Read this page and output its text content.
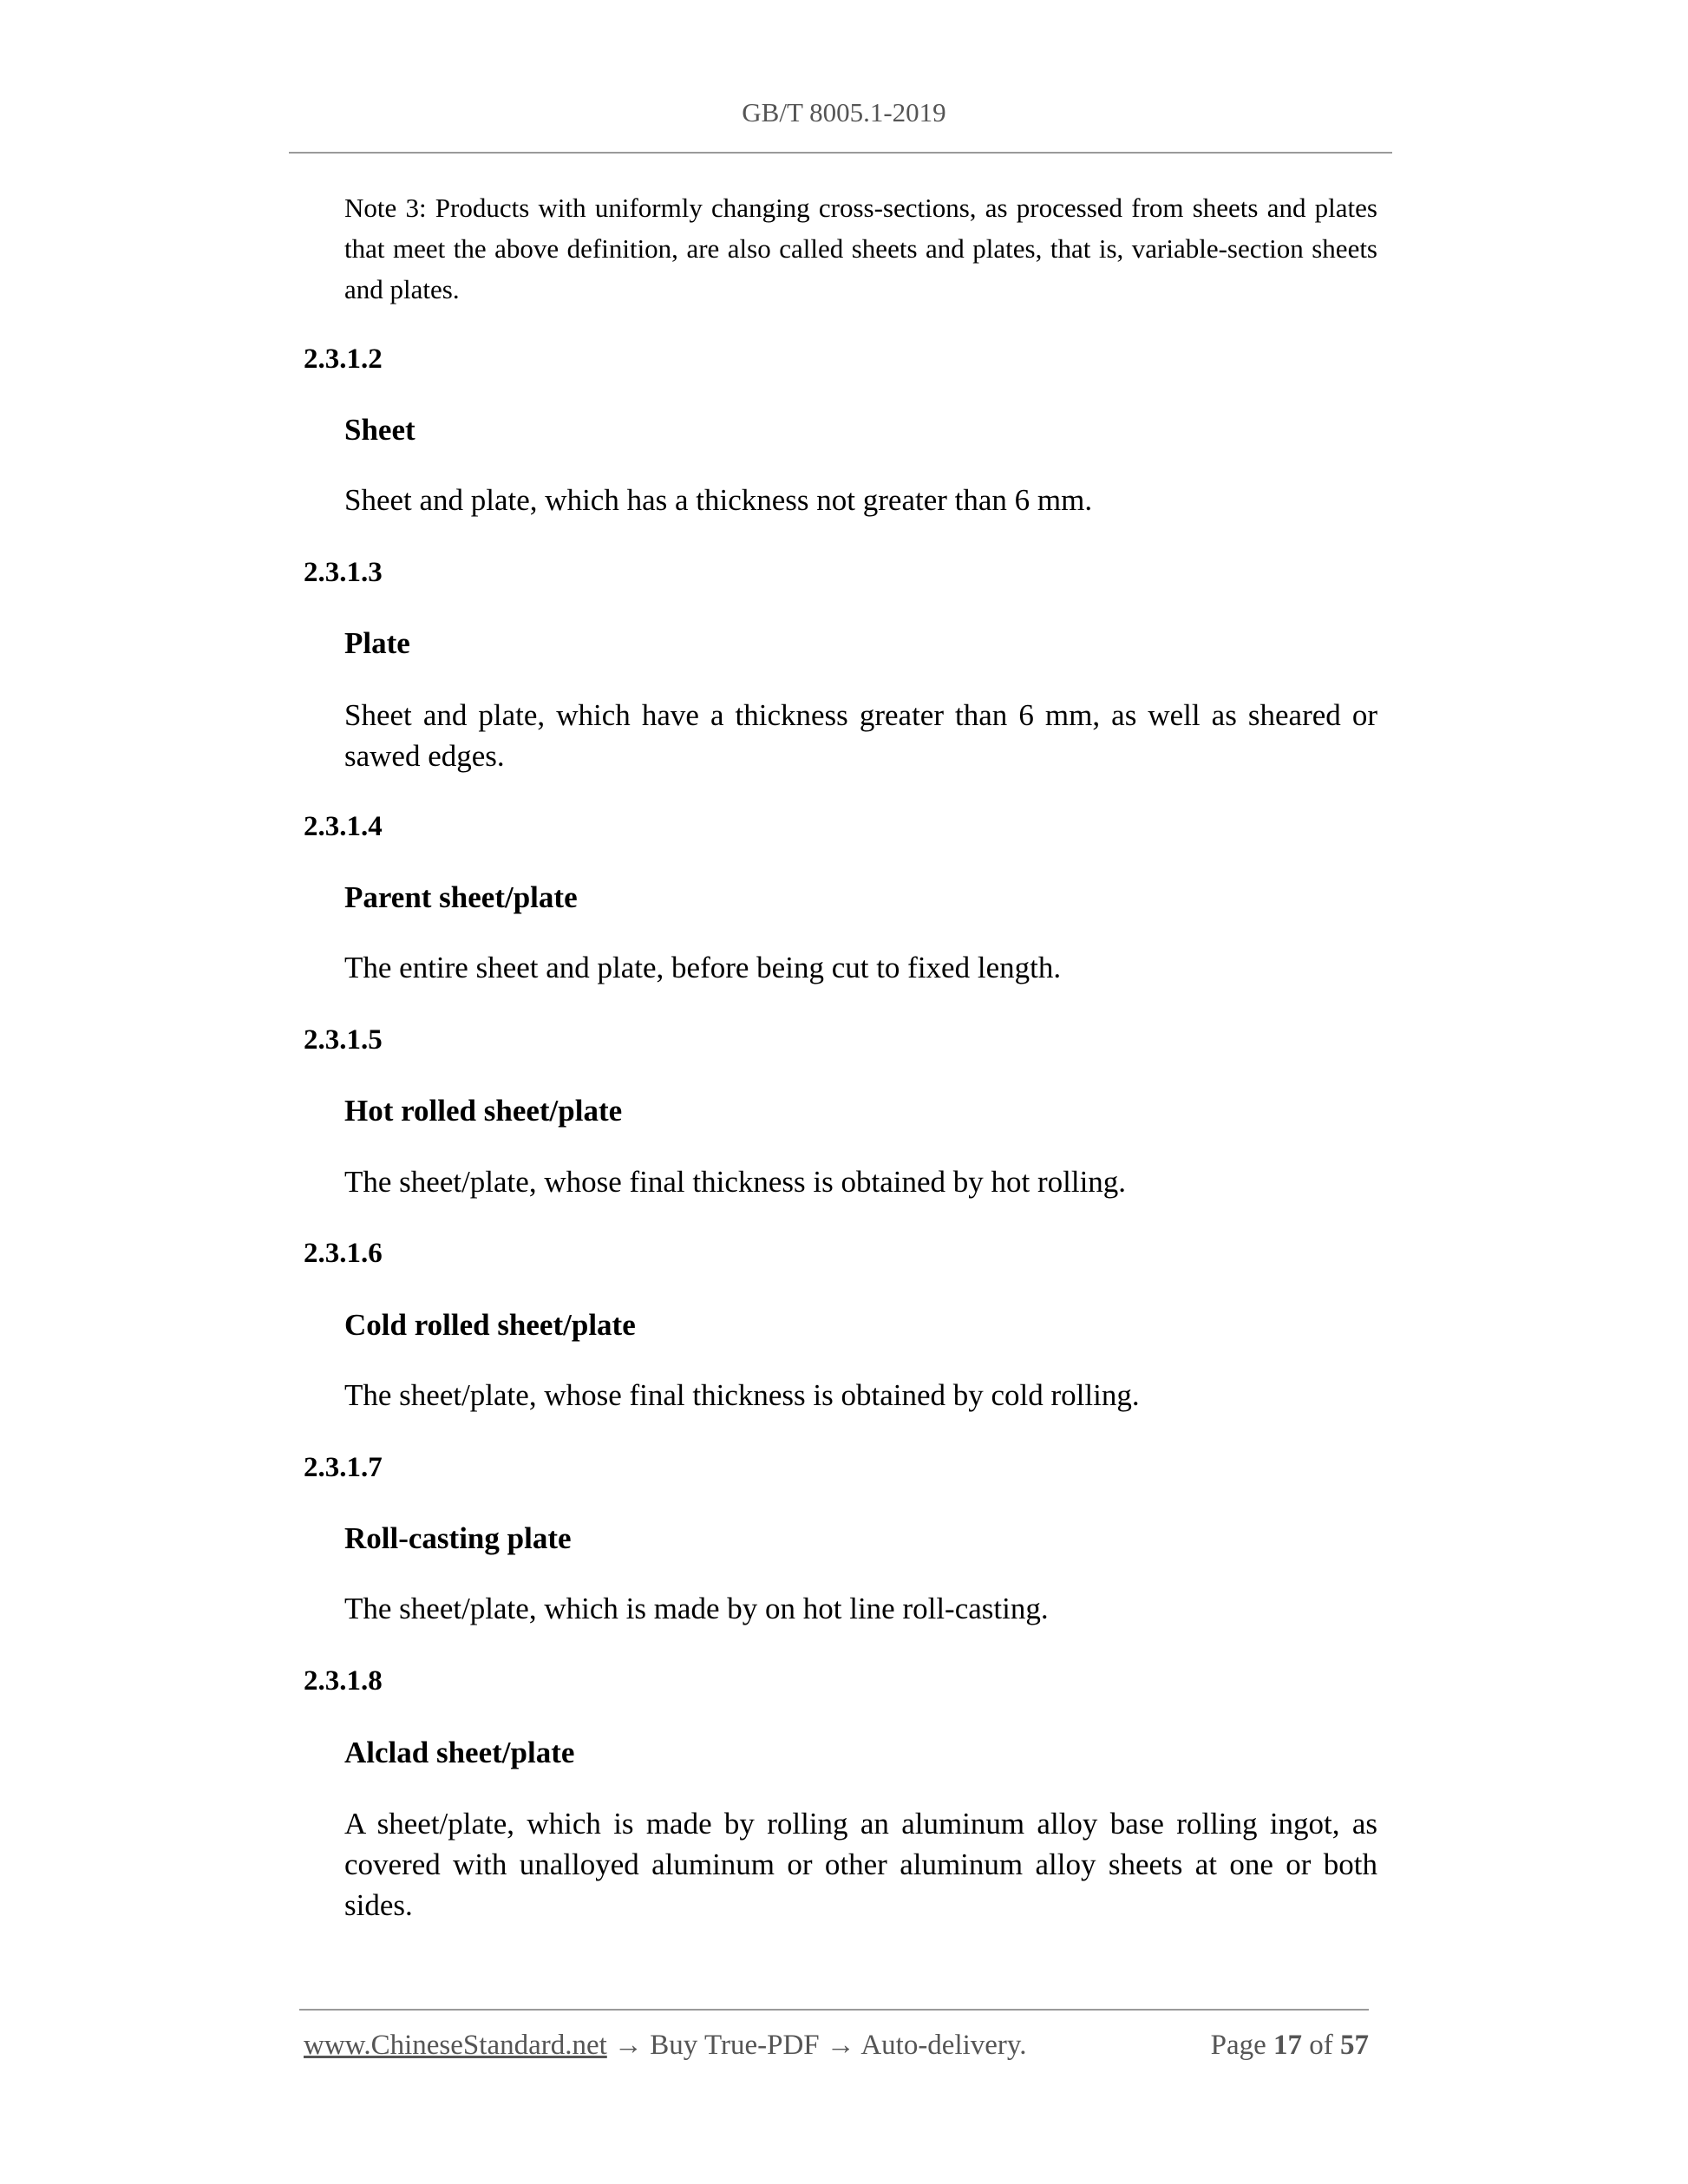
GB/T 8005.1-2019
Note 3: Products with uniformly changing cross-sections, as processed from sheets and plates that meet the above definition, are also called sheets and plates, that is, variable-section sheets and plates.
2.3.1.2
Sheet
Sheet and plate, which has a thickness not greater than 6 mm.
2.3.1.3
Plate
Sheet and plate, which have a thickness greater than 6 mm, as well as sheared or sawed edges.
2.3.1.4
Parent sheet/plate
The entire sheet and plate, before being cut to fixed length.
2.3.1.5
Hot rolled sheet/plate
The sheet/plate, whose final thickness is obtained by hot rolling.
2.3.1.6
Cold rolled sheet/plate
The sheet/plate, whose final thickness is obtained by cold rolling.
2.3.1.7
Roll-casting plate
The sheet/plate, which is made by on hot line roll-casting.
2.3.1.8
Alclad sheet/plate
A sheet/plate, which is made by rolling an aluminum alloy base rolling ingot, as covered with unalloyed aluminum or other aluminum alloy sheets at one or both sides.
www.ChineseStandard.net → Buy True-PDF → Auto-delivery.	Page 17 of 57
